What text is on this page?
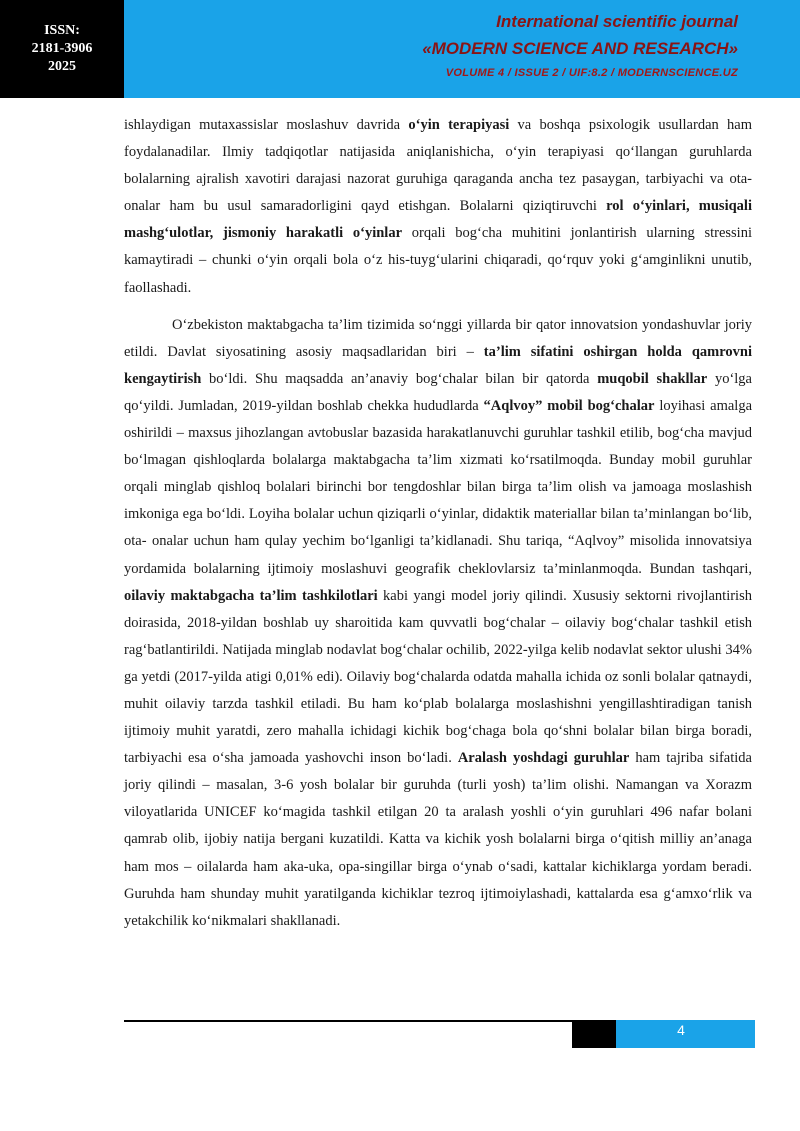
ISSN:
2181-3906
2025
International scientific journal
«MODERN SCIENCE AND RESEARCH»
VOLUME 4 / ISSUE 2 / UIF:8.2 / MODERNSCIENCE.UZ

ishlaydigan mutaxassislar moslashuv davrida o‘yin terapiyasi va boshqa psixologik usullardan ham foydalanadilar. Ilmiy tadqiqotlar natijasida aniqlanishicha, o‘yin terapiyasi qo‘llangan guruhlarda bolalarning ajralish xavotiri darajasi nazorat guruhiga qaraganda ancha tez pasaygan, tarbiyachi va ota-onalar ham bu usul samaradorligini qayd etishgan. Bolalarni qiziqtiruvchi rol o‘yinlari, musiqali mashg‘ulotlar, jismoniy harakatli o‘yinlar orqali bog‘cha muhitini jonlantirish ularning stressini kamaytiradi – chunki o‘yin orqali bola o‘z his-tuyg‘ularini chiqaradi, qo‘rquv yoki g‘amginlikni unutib, faollashadi.

O‘zbekiston maktabgacha ta’lim tizimida so‘nggi yillarda bir qator innovatsion yondashuvlar joriy etildi. Davlat siyosatining asosiy maqsadlaridan biri – ta’lim sifatini oshirgan holda qamrovni kengaytirish bo‘ldi. Shu maqsadda an’anaviy bog‘chalar bilan bir qatorda muqobil shakllar yo‘lga qo‘yildi. Jumladan, 2019-yildan boshlab chekka hududlarda “Aqlvoy” mobil bog‘chalar loyihasi amalga oshirildi – maxsus jihozlangan avtobuslar bazasida harakatlanuvchi guruhlar tashkil etilib, bog‘cha mavjud bo‘lmagan qishloqlarda bolalarga maktabgacha ta’lim xizmati ko‘rsatilmoqda. Bunday mobil guruhlar orqali minglab qishloq bolalari birinchi bor tengdoshlar bilan birga ta’lim olish va jamoaga moslashish imkoniga ega bo‘ldi. Loyiha bolalar uchun qiziqarli o‘yinlar, didaktik materiallar bilan ta’minlangan bo‘lib, ota- onalar uchun ham qulay yechim bo‘lganligi ta’kidlanadi. Shu tariqa, “Aqlvoy” misolida innovatsiya yordamida bolalarning ijtimoiy moslashuvi geografik cheklovlarsiz ta’minlanmoqda. Bundan tashqari, oilaviy maktabgacha ta’lim tashkilotlari kabi yangi model joriy qilindi. Xususiy sektorni rivojlantirish doirasida, 2018-yildan boshlab uy sharoitida kam quvvatli bog‘chalar – oilaviy bog‘chalar tashkil etish rag‘batlantirildi. Natijada minglab nodavlat bog‘chalar ochilib, 2022-yilga kelib nodavlat sektor ulushi 34% ga yetdi (2017-yilda atigi 0,01% edi). Oilaviy bog‘chalarda odatda mahalla ichida oz sonli bolalar qatnaydi, muhit oilaviy tarzda tashkil etiladi. Bu ham ko‘plab bolalarga moslashishni yengillashtiradigan tanish ijtimoiy muhit yaratdi, zero mahalla ichidagi kichik bog‘chaga bola qo‘shni bolalar bilan birga boradi, tarbiyachi esa o‘sha jamoada yashovchi inson bo‘ladi. Aralash yoshdagi guruhlar ham tajriba sifatida joriy qilindi – masalan, 3-6 yosh bolalar bir guruhda (turli yosh) ta’lim olishi. Namangan va Xorazm viloyatlarida UNICEF ko‘magida tashkil etilgan 20 ta aralash yoshli o‘yin guruhlari 496 nafar bolani qamrab olib, ijobiy natija bergani kuzatildi. Katta va kichik yosh bolalarni birga o‘qitish milliy an’anaga ham mos – oilalarda ham aka-uka, opa-singillar birga o‘ynab o‘sadi, kattalar kichiklarga yordam beradi. Guruhda ham shunday muhit yaratilganda kichiklar tezroq ijtimoiylashadi, kattalarda esa g‘amxo‘rlik va yetakchilik ko‘nikmalari shakllanadi.

4
